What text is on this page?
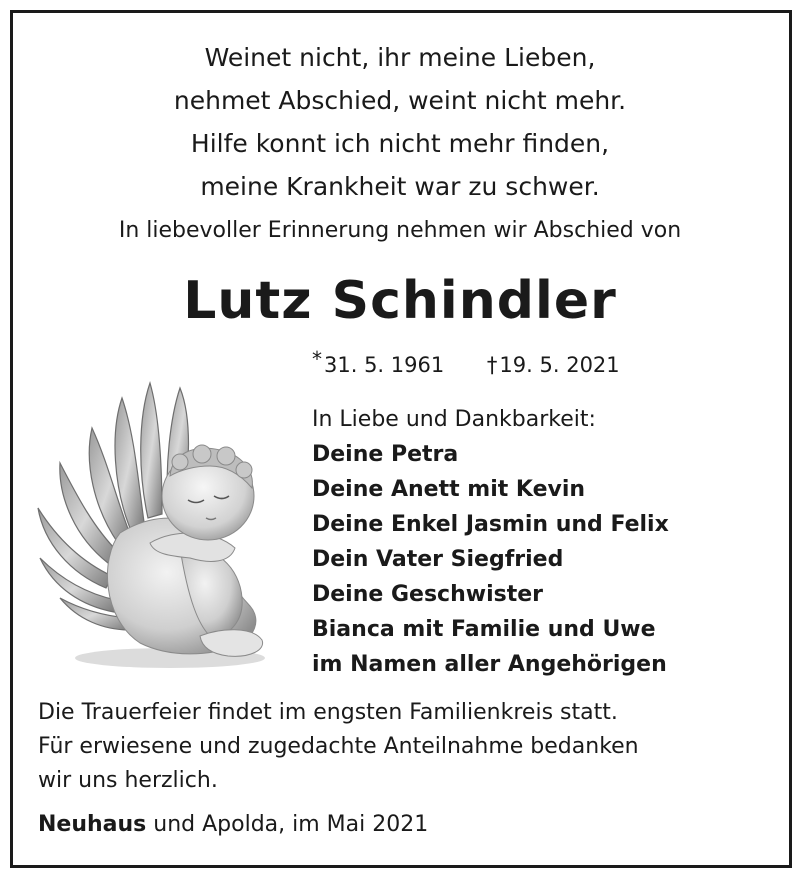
Weinet nicht, ihr meine Lieben,
nehmet Abschied, weint nicht mehr.
Hilfe konnt ich nicht mehr finden,
meine Krankheit war zu schwer.
In liebevoller Erinnerung nehmen wir Abschied von
Lutz Schindler
*31. 5. 1961 †19. 5. 2021
In Liebe und Dankbarkeit:
Deine Petra
Deine Anett mit Kevin
Deine Enkel Jasmin und Felix
Dein Vater Siegfried
Deine Geschwister
Bianca mit Familie und Uwe
im Namen aller Angehörigen
Die Trauerfeier findet im engsten Familienkreis statt.
Für erwiesene und zugedachte Anteilnahme bedanken
wir uns herzlich.
Neuhaus und Apolda, im Mai 2021
